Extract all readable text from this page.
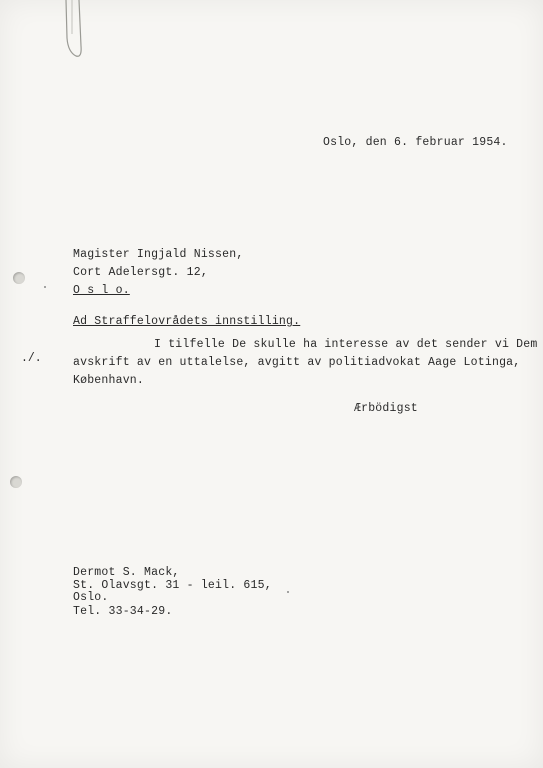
Oslo, den 6. februar 1954.
Magister Ingjald Nissen,
Cort Adelersgt. 12,
O s l o.
Ad Straffelovrådets innstilling.
./.
I tilfelle De skulle ha interesse av det sender vi Dem
avskrift av en uttalelse, avgitt av politiadvokat Aage Lotinga,
København.
Ærbödigst
Dermot S. Mack,
St. Olavsgt. 31 - leil. 615,
Oslo.
Tel. 33-34-29.
